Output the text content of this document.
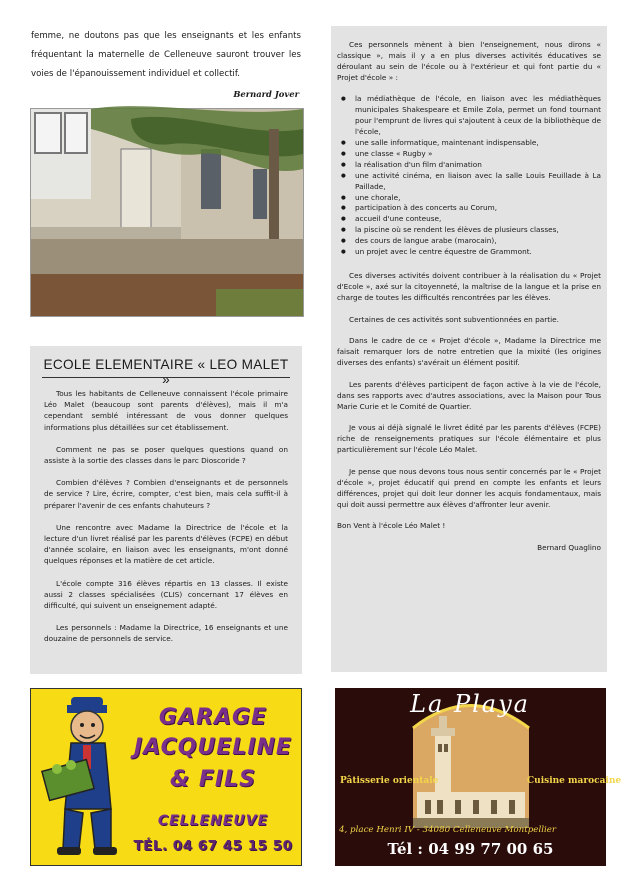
femme, ne doutons pas que les enseignants et les enfants fréquentant la maternelle de Celleneuve sauront trouver les voies de l'épanouissement individuel et collectif.
Bernard Jover
ECOLE ELEMENTAIRE « LEO MALET »

Tous les habitants de Celleneuve connaissent l'école primaire Léo Malet (beaucoup sont parents d'élèves), mais il m'a cependant semblé intéressant de vous donner quelques informations plus détaillées sur cet établissement.

Comment ne pas se poser quelques questions quand on assiste à la sortie des classes dans le parc Dioscoride ?

Combien d'élèves ? Combien d'enseignants et de personnels de service ? Lire, écrire, compter, c'est bien, mais cela suffit-il à préparer l'avenir de ces enfants chahuteurs ?

Une rencontre avec Madame la Directrice de l'école et la lecture d'un livret réalisé par les parents d'élèves (FCPE) en début d'année scolaire, en liaison avec les enseignants, m'ont donné quelques réponses et la matière de cet article.

L'école compte 316 élèves répartis en 13 classes. Il existe aussi 2 classes spécialisées (CLIS) concernant 17 élèves en difficulté, qui suivent un enseignement adapté.

Les personnels : Madame la Directrice, 16 enseignants et une douzaine de personnels de service.

Ces personnels mènent à bien l'enseignement, nous dirons « classique », mais il y a en plus diverses activités éducatives se déroulant au sein de l'école ou à l'extérieur et qui font partie du « Projet d'école » :

● la médiathèque de l'école, en liaison avec les médiathèques municipales Shakespeare et Emile Zola, permet un fond tournant pour l'emprunt de livres qui s'ajoutent à ceux de la bibliothèque de l'école,
● une salle informatique, maintenant indispensable,
● une classe « Rugby »
● la réalisation d'un film d'animation
● une activité cinéma, en liaison avec la salle Louis Feuillade à La Paillade,
● une chorale,
● participation à des concerts au Corum,
● accueil d'une conteuse,
● la piscine où se rendent les élèves de plusieurs classes,
● des cours de langue arabe (marocain),
● un projet avec le centre équestre de Grammont.

Ces diverses activités doivent contribuer à la réalisation du « Projet d'Ecole », axé sur la citoyenneté, la maîtrise de la langue et la prise en charge de toutes les difficultés rencontrées par les élèves.

Certaines de ces activités sont subventionnées en partie.

Dans le cadre de ce « Projet d'école », Madame la Directrice me faisait remarquer lors de notre entretien que la mixité (les origines diverses des enfants) s'avérait un élément positif.

Les parents d'élèves participent de façon active à la vie de l'école, dans ses rapports avec d'autres associations, avec la Maison pour Tous Marie Curie et le Comité de Quartier.

Je vous ai déjà signalé le livret édité par les parents d'élèves (FCPE) riche de renseignements pratiques sur l'école élémentaire et plus particulièrement sur l'école Léo Malet.

Je pense que nous devons tous nous sentir concernés par le « Projet d'école », projet éducatif qui prend en compte les enfants et leurs différences, projet qui doit leur donner les acquis fondamentaux, mais qui doit aussi permettre aux élèves d'affronter leur avenir.

Bon Vent à l'école Léo Malet !

Bernard Quaglino
GARAGE
JACQUELINE
& FILS
CELLENEUVE
TÉL. 04 67 45 15 50
La Playa
Pâtisserie orientale	Cuisine marocaine
4, place Henri IV - 34080 Celleneuve Montpellier
Tél : 04 99 77 00 65
